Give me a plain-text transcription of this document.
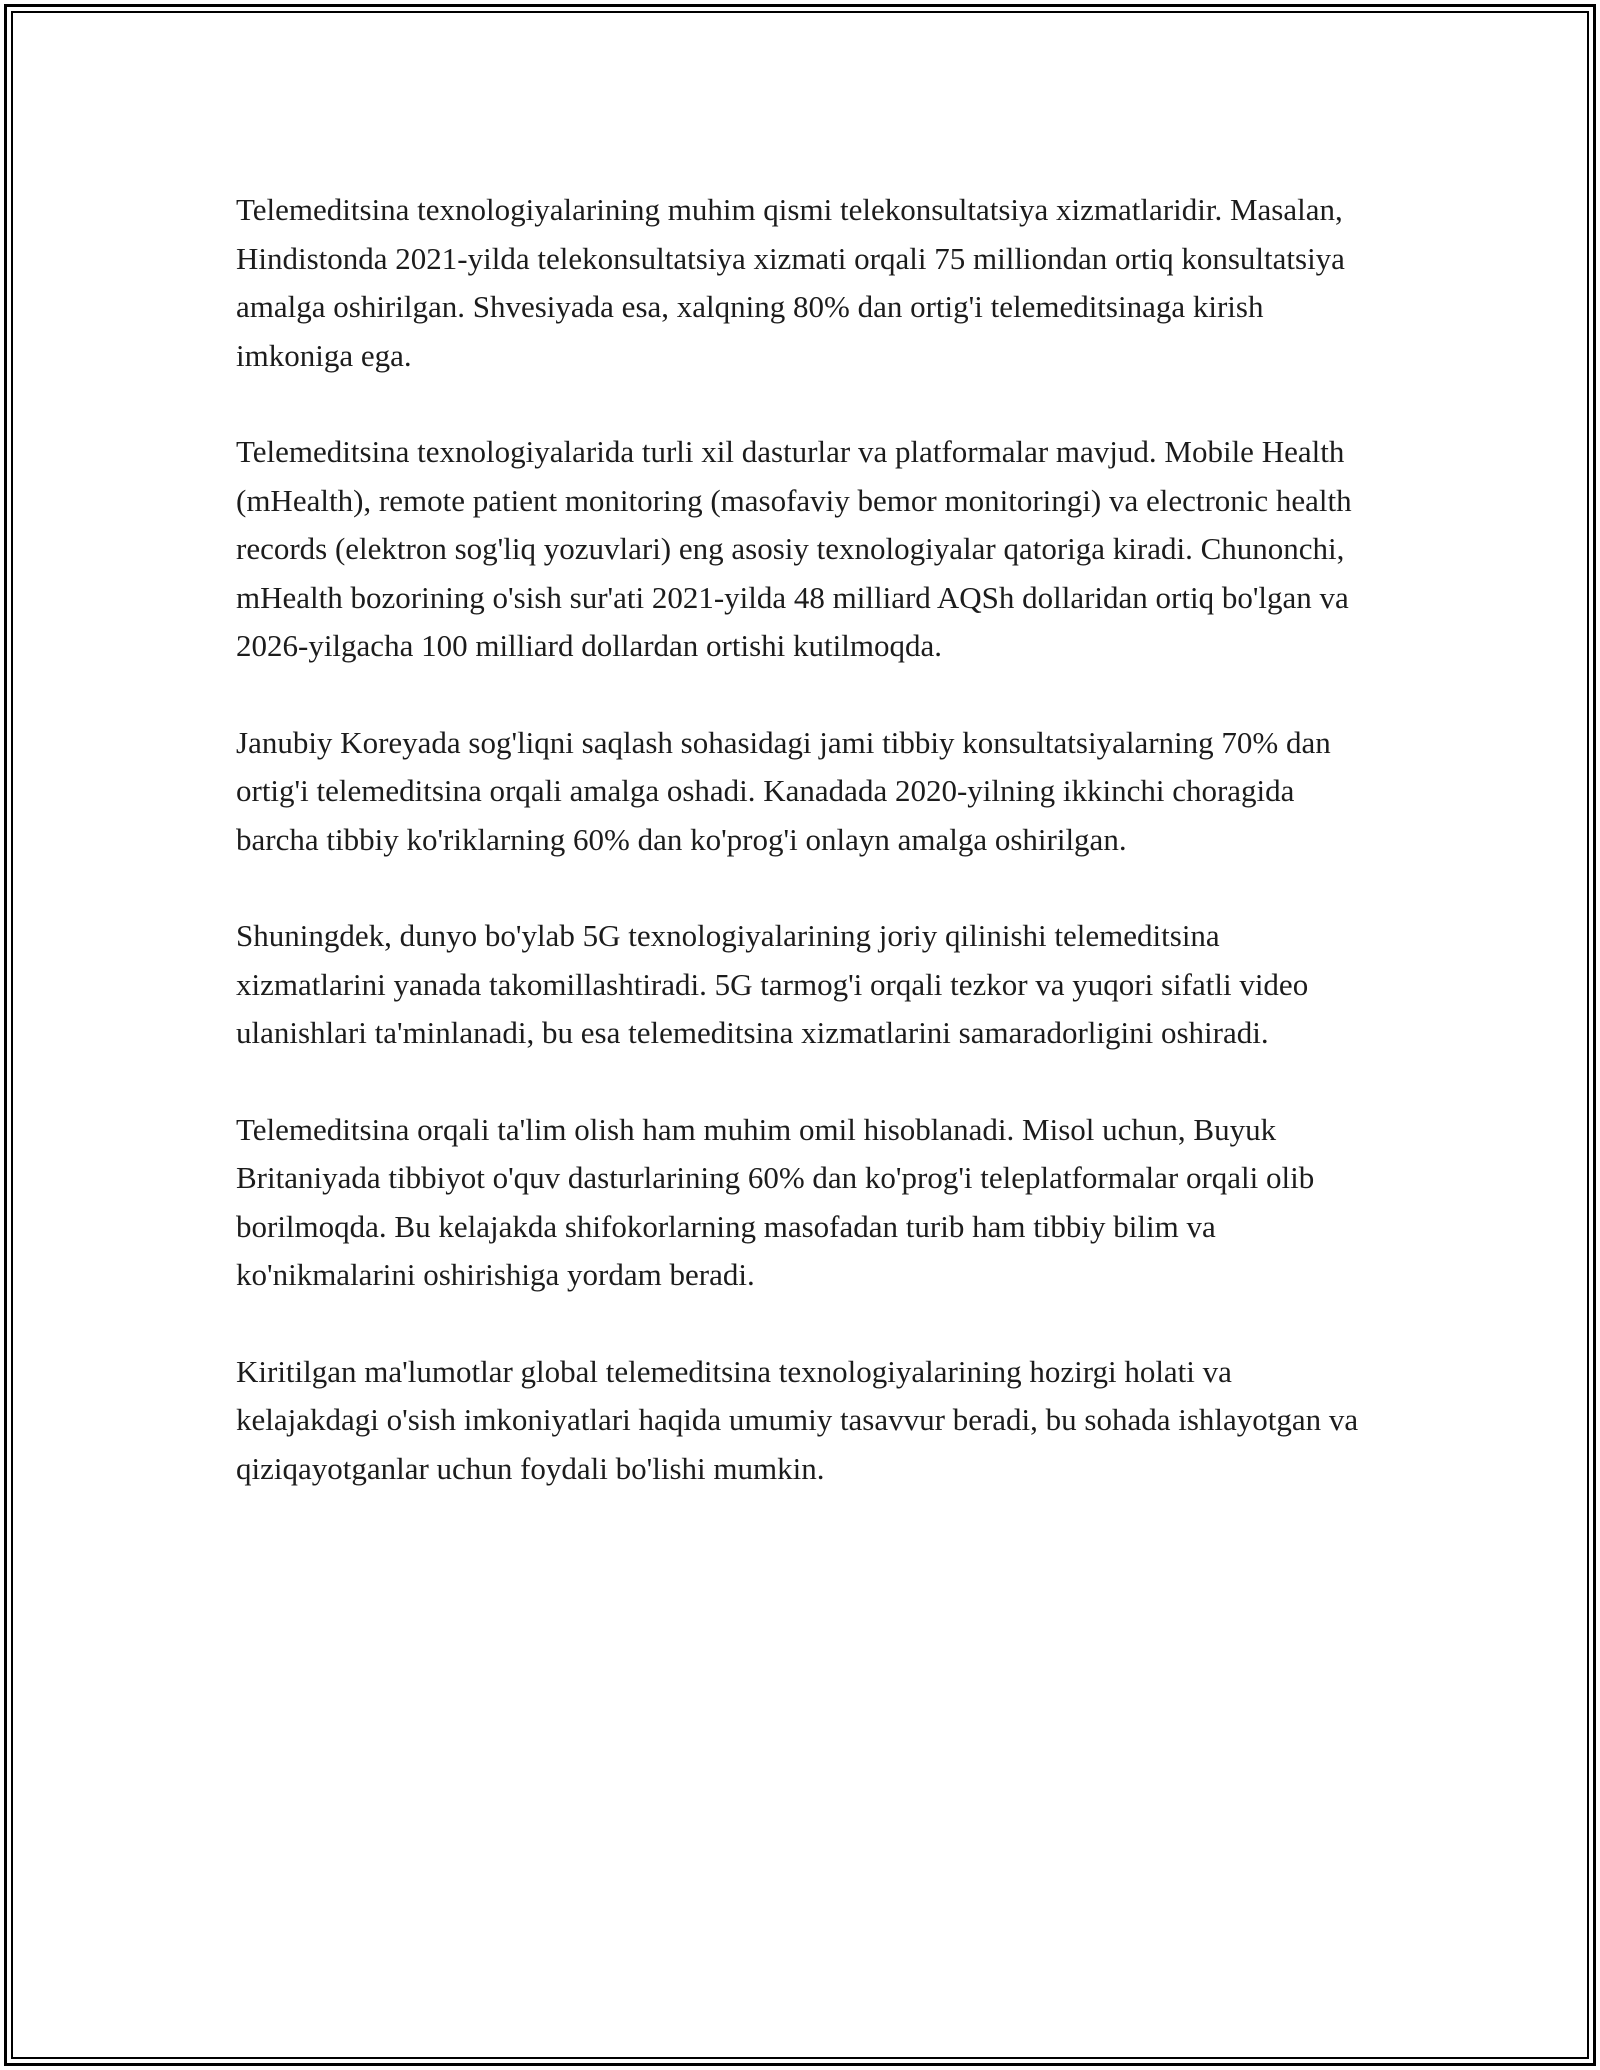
Telemeditsina texnologiyalarining muhim qismi telekonsultatsiya xizmatlaridir. Masalan, Hindistonda 2021-yilda telekonsultatsiya xizmati orqali 75 milliondan ortiq konsultatsiya amalga oshirilgan. Shvesiyada esa, xalqning 80% dan ortig'i telemeditsinaga kirish imkoniga ega.

Telemeditsina texnologiyalarida turli xil dasturlar va platformalar mavjud. Mobile Health (mHealth), remote patient monitoring (masofaviy bemor monitoringi) va electronic health records (elektron sog'liq yozuvlari) eng asosiy texnologiyalar qatoriga kiradi. Chunonchi, mHealth bozorining o'sish sur'ati 2021-yilda 48 milliard AQSh dollaridan ortiq bo'lgan va 2026-yilgacha 100 milliard dollardan ortishi kutilmoqda.

Janubiy Koreyada sog'liqni saqlash sohasidagi jami tibbiy konsultatsiyalarning 70% dan ortig'i telemeditsina orqali amalga oshadi. Kanadada 2020-yilning ikkinchi choragida barcha tibbiy ko'riklarning 60% dan ko'prog'i onlayn amalga oshirilgan.

Shuningdek, dunyo bo'ylab 5G texnologiyalarining joriy qilinishi telemeditsina xizmatlarini yanada takomillashtiradi. 5G tarmog'i orqali tezkor va yuqori sifatli video ulanishlari ta'minlanadi, bu esa telemeditsina xizmatlarini samaradorligini oshiradi.

Telemeditsina orqali ta'lim olish ham muhim omil hisoblanadi. Misol uchun, Buyuk Britaniyada tibbiyot o'quv dasturlarining 60% dan ko'prog'i teleplatformalar orqali olib borilmoqda. Bu kelajakda shifokorlarning masofadan turib ham tibbiy bilim va ko'nikmalarini oshirishiga yordam beradi.

Kiritilgan ma'lumotlar global telemeditsina texnologiyalarining hozirgi holati va kelajakdagi o'sish imkoniyatlari haqida umumiy tasavvur beradi, bu sohada ishlayotgan va qiziqayotganlar uchun foydali bo'lishi mumkin.
